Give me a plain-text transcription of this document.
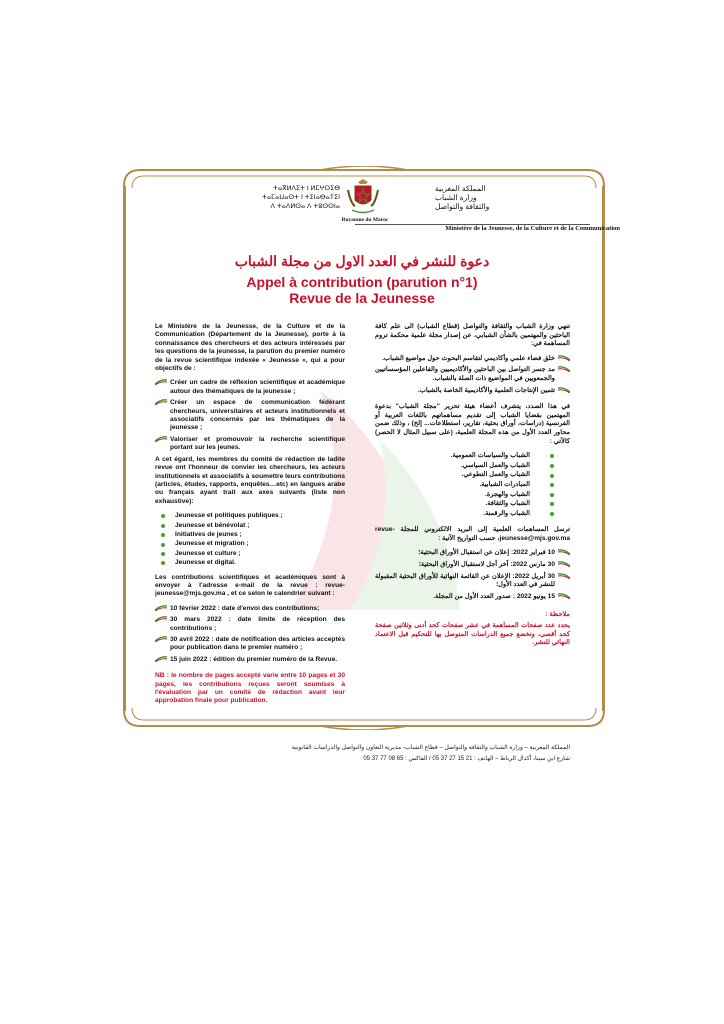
ⵜⴰⴳⵍⴷⵉⵜ ⵏ ⵍⵎⵖⵔⵉⴱ
ⵜⴰⵎⴰⵡⴰⵙⵜ ⵏ ⵜⵉⵏⴰⴱⴰⵢⵉⵏ
ⴷ ⵜⴰⴷⵍⵙⴰ ⴷ ⵜⵓⵙⵙⵏⴰ
المملكة المغربية
وزارة الشباب
والثقافة والتواصل
Royaume du Maroc
Ministère de la Jeunesse, de la Culture et de la Communication
دعوة للنشر في العدد الاول من مجلة الشباب
Appel à contribution (parution n°1)
Revue de la Jeunesse

Le Ministère de la Jeunesse, de la Culture et de la Communication (Département de la Jeunesse), porte à la connaissance des chercheurs et des acteurs intéressés par les questions de la jeunesse, la parution du premier numéro de la revue scientifique indexée « Jeunesse », qui a pour objectifs de :

Créer un cadre de réflexion scientifique et académique autour des thématiques de la jeunesse ;
Créer un espace de communication fédérant chercheurs, universitaires et acteurs institutionnels et associatifs concernés par les thématiques de la jeunesse ;
Valoriser et promouvoir la recherche scientifique portant sur les jeunes.

A cet égard, les membres du comité de rédaction de ladite revue ont l'honneur de convier les chercheurs, les acteurs institutionnels et associatifs à soumettre leurs contributions (articles, études, rapports, enquêtes…etc) en langues arabe ou français ayant trait aux axes suivants (liste non exhaustive):

Jeunesse et politiques publiques ;
Jeunesse et bénévolat ;
Initiatives de jeunes ;
Jeunesse et migration ;
Jeunesse et culture ;
Jeunesse et digital.

Les contributions scientifiques et académiques sont à envoyer à l'adresse e-mail de la revue : revue-jeunesse@mjs.gov.ma , et ce selon le calendrier suivant :

10 février 2022 : date d'envoi des contributions;
30 mars 2022 : date limite de réception des contributions ;
30 avril 2022 : date de notification des articles acceptés pour publication dans le premier numéro ;
15 juin 2022 : édition du premier numéro de la Revue.

NB : le nombre de pages accepté varie entre 10 pages et 30 pages, les contributions reçues seront soumises à l'évaluation par un comité de rédaction avant leur approbation finale pour publication.

تنهي وزارة الشباب والثقافة والتواصل (قطاع الشباب) الى علم كافة الباحثين والمهتمين بالشأن الشبابي، عن إصدار مجلة علمية محكمة تروم المساهمة في:

خلق فضاء علمي وأكاديمي لتقاسم البحوث حول مواضيع الشباب.
مد جسر التواصل بين الباحثين والأكاديميين والفاعلين المؤسساتيين والجمعويين في المواضيع ذات الصلة بالشباب.
تثمين الإنتاجات العلمية والأكاديمية الخاصة بالشباب.

في هذا الصدد، يتشرف أعضاء هيئة تحرير "مجلة الشباب" بدعوة المهتمين بقضايا الشباب إلى تقديم مساهماتهم باللغات العربية أو الفرنسية (دراسات، أوراق بحثية، تقارير، استطلاعات... إلخ) ، وذلك ضمن محاور العدد الأول من هذه المجلة العلمية، (على سبيل المثال لا الحصر) كالآتي :

الشباب والسياسات العمومية.
الشباب والعمل السياسي.
الشباب والعمل التطوعي.
المبادرات الشبابية.
الشباب والهجرة.
الشباب والثقافة.
الشباب والرقمنة.

ترسل المساهمات العلمية إلى البريد الالكتروني للمجلة revue-jeunesse@mjs.gov.ma، حسب التواريخ الآتية :

10 فبراير 2022: إعلان عن استقبال الأوراق البحثية؛
30 مارس 2022: آخر أجل لاستقبال الأوراق البحثية؛
30 أبريل 2022: الإعلان عن القائمة النهائية للأوراق البحثية المقبولة للنشر في العدد الأول؛
15 يونيو 2022 : صدور العدد الأول من المجلة.

ملاحظة :

يحدد عدد صفحات المساهمة في عشر صفحات كحد أدنى وثلاثين صفحة كحد أقصى، وتخضع جميع الدراسات المتوصل بها للتحكيم قبل الاعتماد النهائي للنشر.

المملكة المغربية – وزارة الشباب والثقافة والتواصل – قطاع الشباب- مديرية التعاون والتواصل والدراسات القانونية
شارع ابن سينا، أكدال الرباط – الهاتف : 21 15 27 37 05 / الفاكس : 65 08 77 37 05
